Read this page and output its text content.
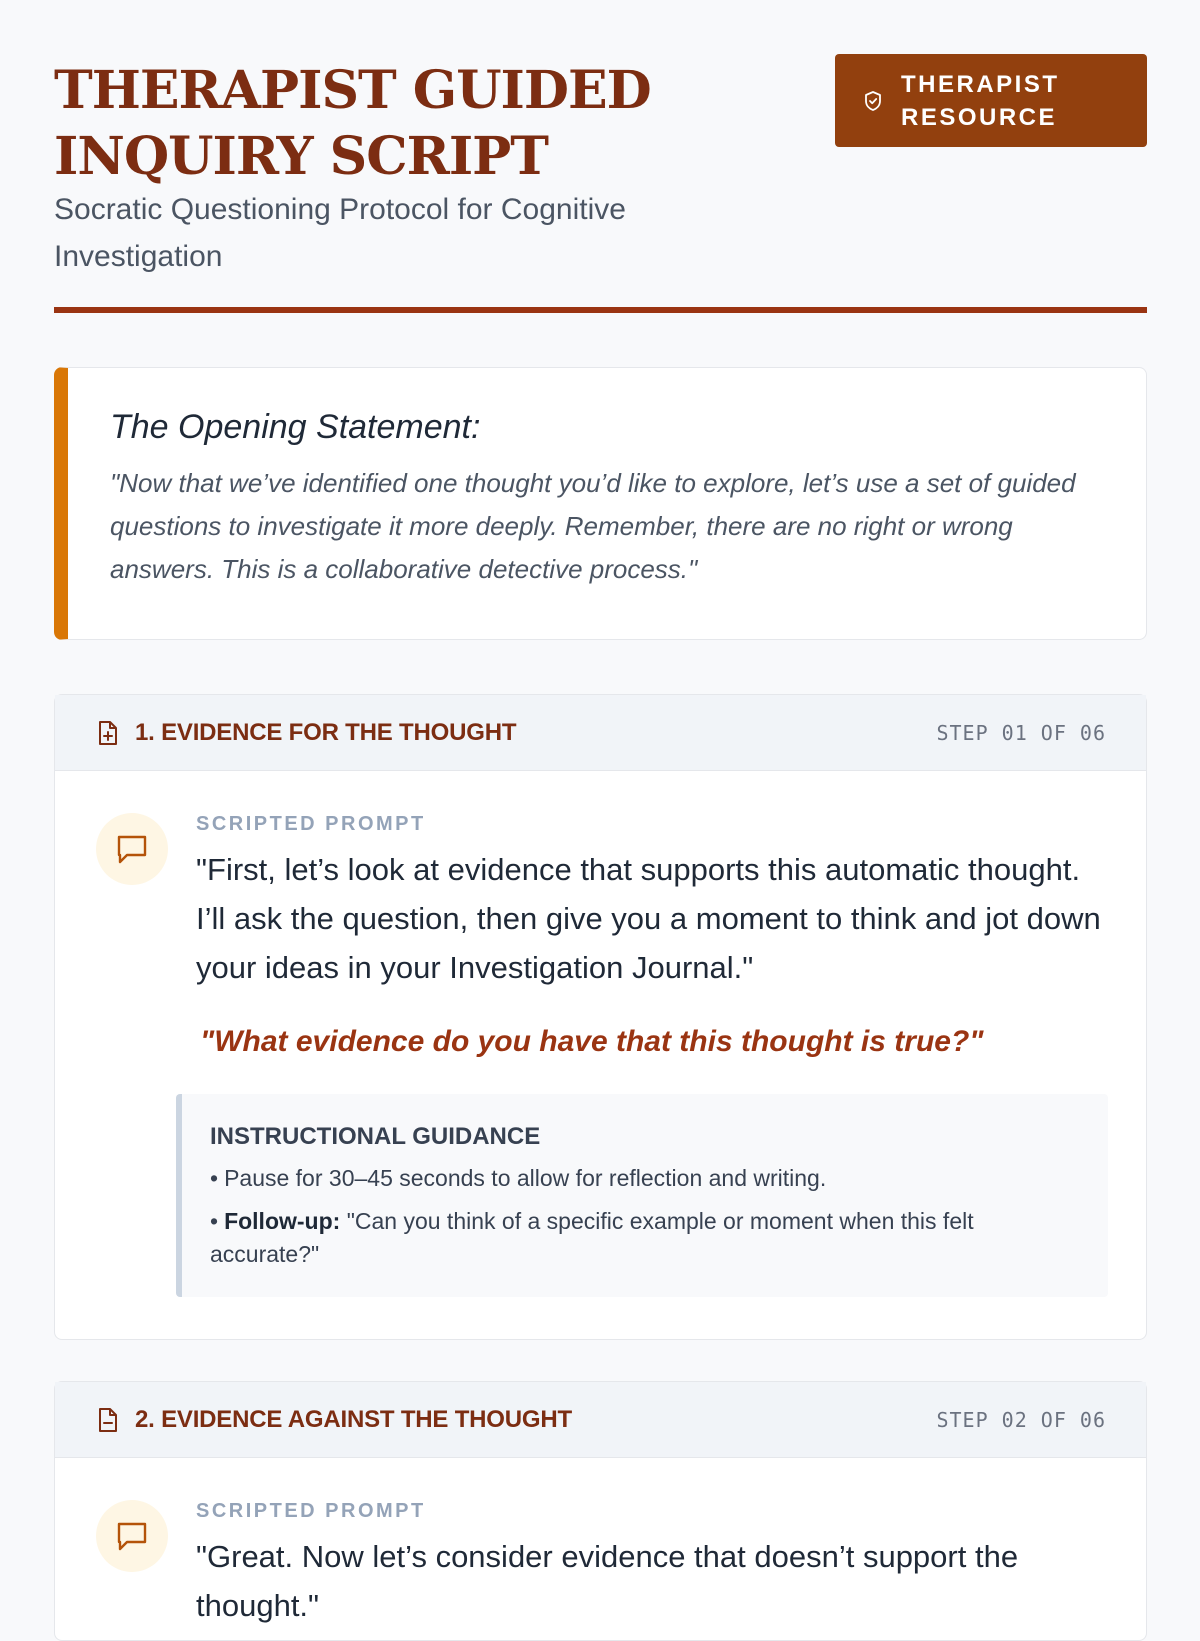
THERAPIST GUIDED
INQUIRY SCRIPT
Socratic Questioning Protocol for Cognitive Investigation
THERAPIST
RESOURCE
The Opening Statement:
"Now that we’ve identified one thought you’d like to explore, let’s use a set of guided questions to investigate it more deeply. Remember, there are no right or wrong answers. This is a collaborative detective process."
1. EVIDENCE FOR THE THOUGHT	STEP 01 OF 06
SCRIPTED PROMPT
"First, let’s look at evidence that supports this automatic thought. I’ll ask the question, then give you a moment to think and jot down your ideas in your Investigation Journal."
"What evidence do you have that this thought is true?"
INSTRUCTIONAL GUIDANCE
• Pause for 30–45 seconds to allow for reflection and writing.
• Follow-up: "Can you think of a specific example or moment when this felt accurate?"
2. EVIDENCE AGAINST THE THOUGHT	STEP 02 OF 06
SCRIPTED PROMPT
"Great. Now let’s consider evidence that doesn’t support the thought."
